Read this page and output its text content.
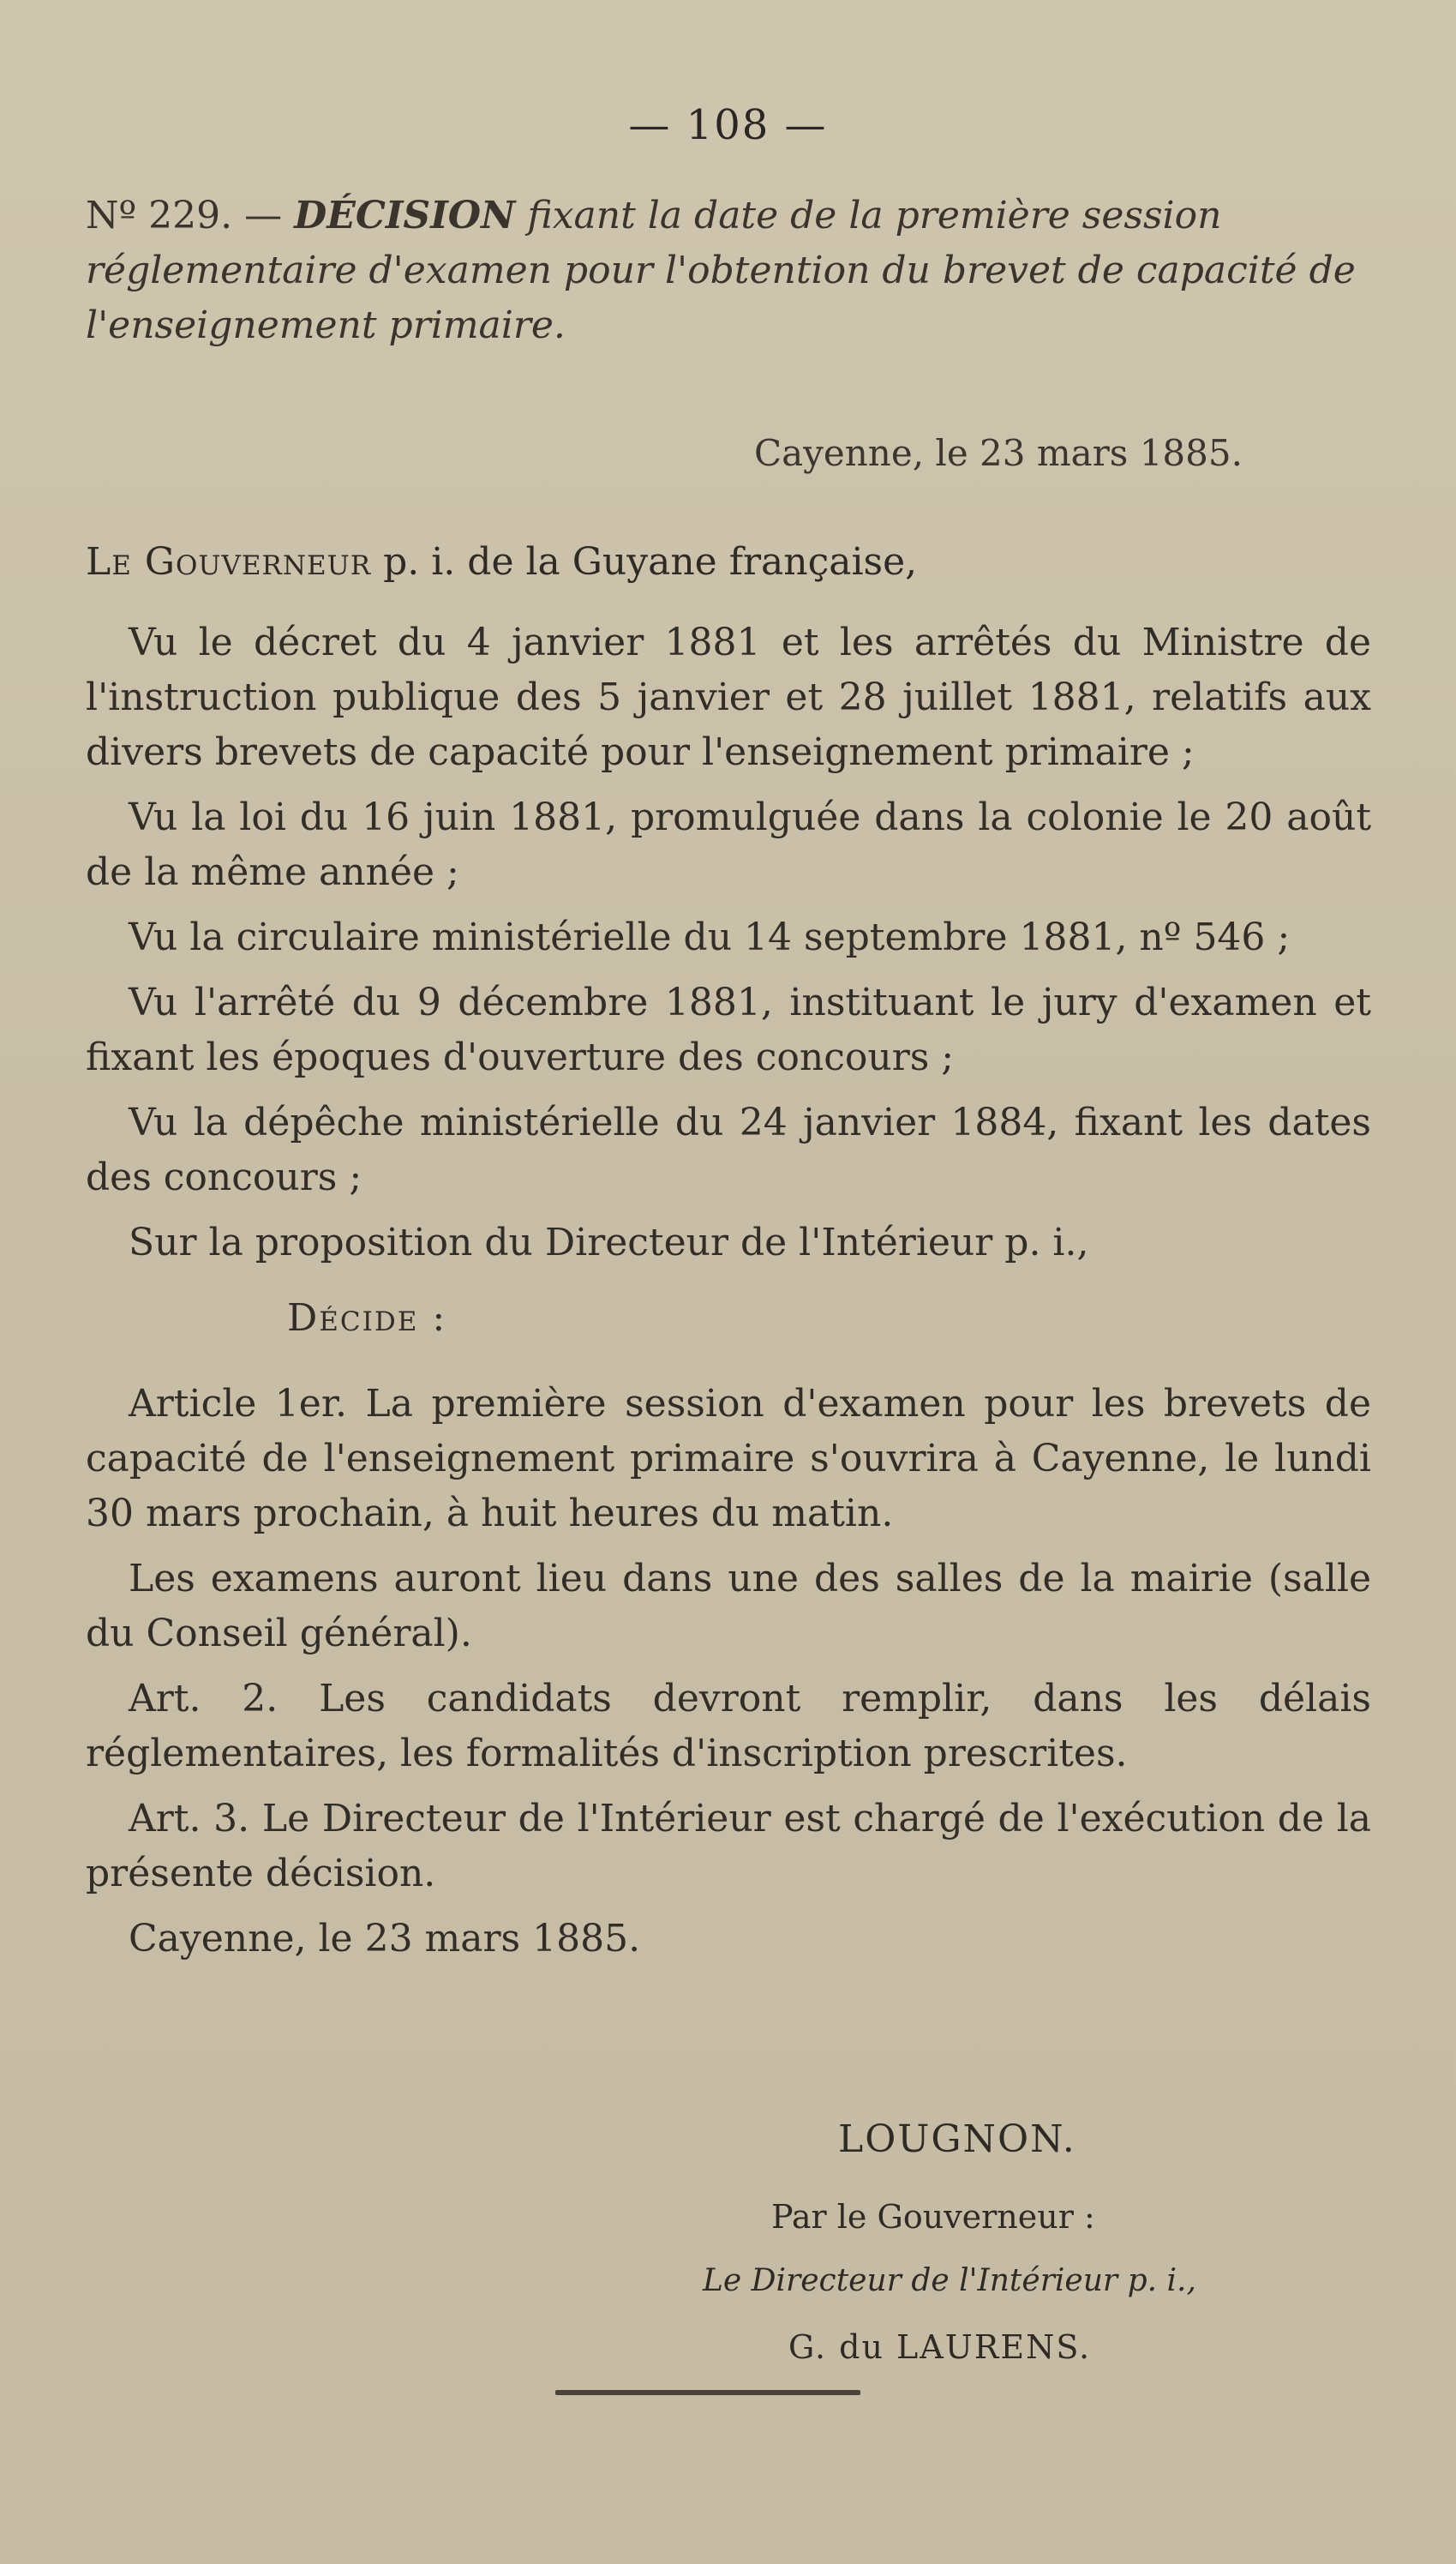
— 108 —
Nº 229. — DÉCISION fixant la date de la première session réglementaire d'examen pour l'obtention du brevet de capacité de l'enseignement primaire.
Cayenne, le 23 mars 1885.
Le Gouverneur p. i. de la Guyane française,

Vu le décret du 4 janvier 1881 et les arrêtés du Ministre de l'instruction publique des 5 janvier et 28 juillet 1881, relatifs aux divers brevets de capacité pour l'enseignement primaire ;

Vu la loi du 16 juin 1881, promulguée dans la colonie le 20 août de la même année ;

Vu la circulaire ministérielle du 14 septembre 1881, nº 546 ;

Vu l'arrêté du 9 décembre 1881, instituant le jury d'examen et fixant les époques d'ouverture des concours ;

Vu la dépêche ministérielle du 24 janvier 1884, fixant les dates des concours ;

Sur la proposition du Directeur de l'Intérieur p. i.,

Décide :

Article 1er. La première session d'examen pour les brevets de capacité de l'enseignement primaire s'ouvrira à Cayenne, le lundi 30 mars prochain, à huit heures du matin.

Les examens auront lieu dans une des salles de la mairie (salle du Conseil général).

Art. 2. Les candidats devront remplir, dans les délais réglementaires, les formalités d'inscription prescrites.

Art. 3. Le Directeur de l'Intérieur est chargé de l'exécution de la présente décision.

Cayenne, le 23 mars 1885.

LOUGNON.
Par le Gouverneur :
Le Directeur de l'Intérieur p. i.,
G. du LAURENS.
